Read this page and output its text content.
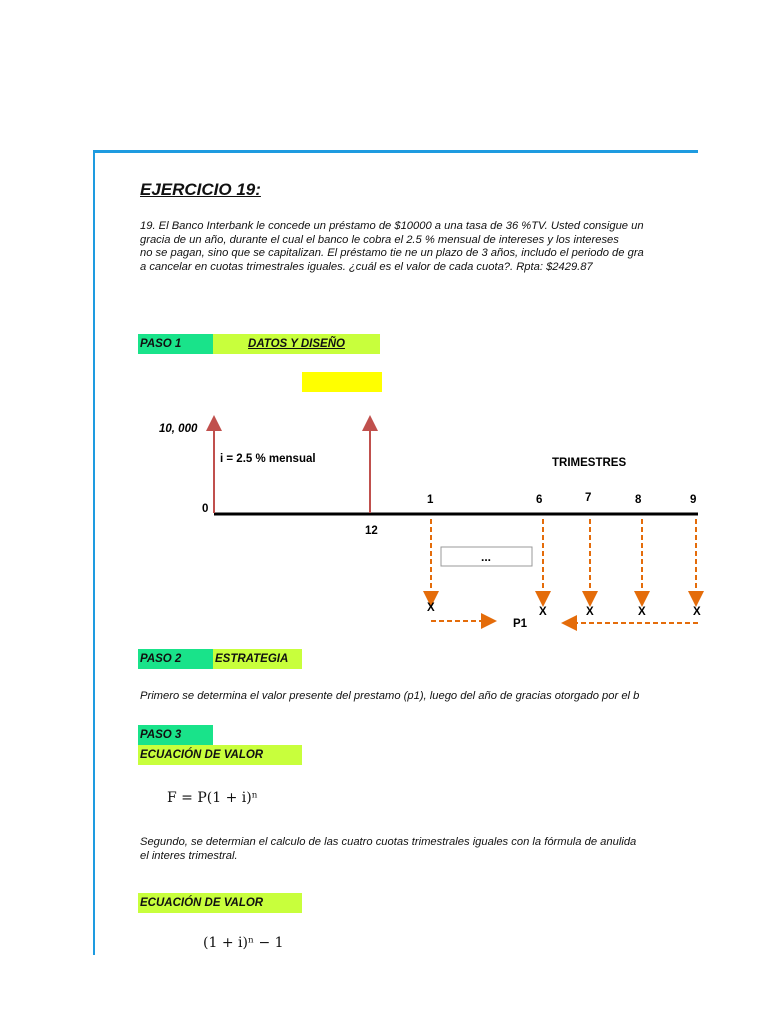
EJERCICIO 19:
19. El Banco Interbank le concede un préstamo de $10000 a una tasa de 36 %TV. Usted consigue un
gracia de un año, durante el cual el banco le cobra el 2.5 % mensual de intereses y los intereses
no se pagan, sino que se capitalizan. El préstamo tie ne un plazo de 3 años, includo el periodo de gra
a cancelar en cuotas trimestrales iguales. ¿cuál es el valor de cada cuota?. Rpta: $2429.87
PASO 1	DATOS Y DISEÑO
...
10, 000
i = 2.5 % mensual	TRIMESTRES
0
12
1	6	7	8	9
X	X	X	X	X
P1
PASO 2	ESTRATEGIA
Primero se determina el valor presente del prestamo (p1), luego del año de gracias otorgado por el b
PASO 3
ECUACIÓN DE VALOR
F = P(1 + i)ⁿ
Segundo, se determian el calculo de las cuatro cuotas trimestrales iguales con la fórmula de anulida
el interes trimestral.
ECUACIÓN DE VALOR
(1 + i)ⁿ − 1
